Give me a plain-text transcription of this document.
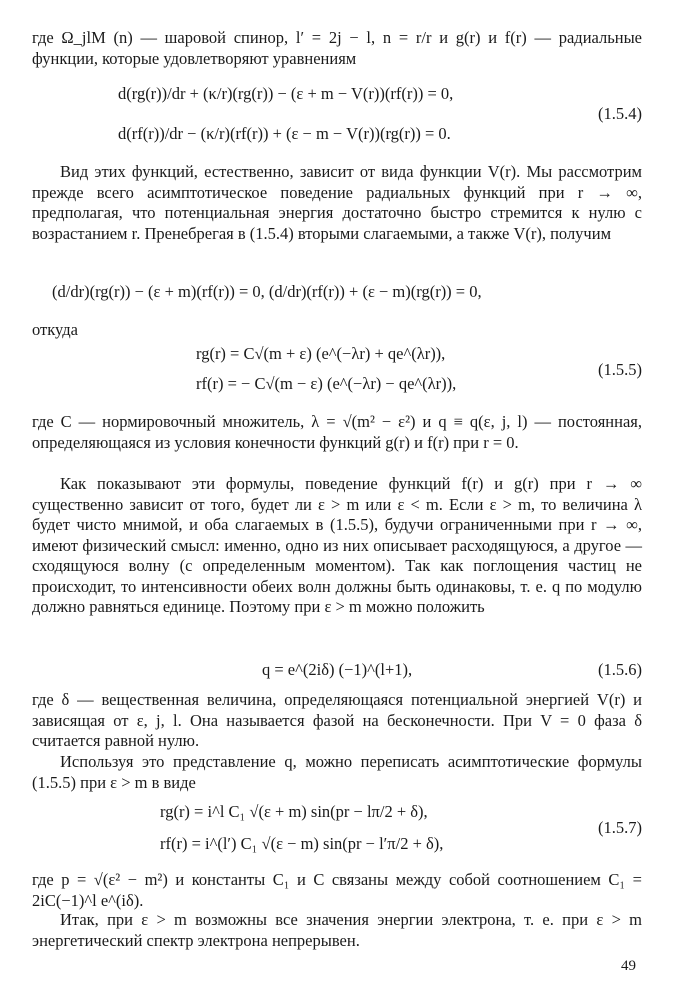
где Ω_jlM (n) — шаровой спинор, l′ = 2j − l, n = r/r и g(r) и f(r) — радиальные функции, которые удовлетворяют уравнениям
d(rg(r))/dr + (κ/r)(rg(r)) − (ε + m − V(r))(rf(r)) = 0,
d(rf(r))/dr − (κ/r)(rf(r)) + (ε − m − V(r))(rg(r)) = 0.
(1.5.4)
Вид этих функций, естественно, зависит от вида функции V(r). Мы рассмотрим прежде всего асимптотическое поведение радиальных функций при r → ∞, предполагая, что потенциальная энергия достаточно быстро стремится к нулю с возрастанием r. Пренебрегая в (1.5.4) вторыми слагаемыми, а также V(r), получим
(d/dr)(rg(r)) − (ε + m)(rf(r)) = 0, (d/dr)(rf(r)) + (ε − m)(rg(r)) = 0,
откуда
rg(r) = C√(m + ε) (e^(−λr) + qe^(λr)),
rf(r) = − C√(m − ε) (e^(−λr) − qe^(λr)),
(1.5.5)
где C — нормировочный множитель, λ = √(m² − ε²) и q ≡ q(ε, j, l) — постоянная, определяющаяся из условия конечности функций g(r) и f(r) при r = 0.
Как показывают эти формулы, поведение функций f(r) и g(r) при r → ∞ существенно зависит от того, будет ли ε > m или ε < m. Если ε > m, то величина λ будет чисто мнимой, и оба слагаемых в (1.5.5), будучи ограниченными при r → ∞, имеют физический смысл: именно, одно из них описывает расходящуюся, а другое — сходящуюся волну (с определенным моментом). Так как поглощения частиц не происходит, то интенсивности обеих волн должны быть одинаковы, т. е. q по модулю должно равняться единице. Поэтому при ε > m можно положить
q = e^(2iδ) (−1)^(l+1),	(1.5.6)
где δ — вещественная величина, определяющаяся потенциальной энергией V(r) и зависящая от ε, j, l. Она называется фазой на бесконечности. При V = 0 фаза δ считается равной нулю.
Используя это представление q, можно переписать асимптотические формулы (1.5.5) при ε > m в виде
rg(r) = i^l C₁ √(ε + m) sin(pr − lπ/2 + δ),
rf(r) = i^(l′) C₁ √(ε − m) sin(pr − l′π/2 + δ),
(1.5.7)
где p = √(ε² − m²) и константы C₁ и C связаны между собой соотношением C₁ = 2iC(−1)^l e^(iδ).
Итак, при ε > m возможны все значения энергии электрона, т. е. при ε > m энергетический спектр электрона непрерывен.
49
